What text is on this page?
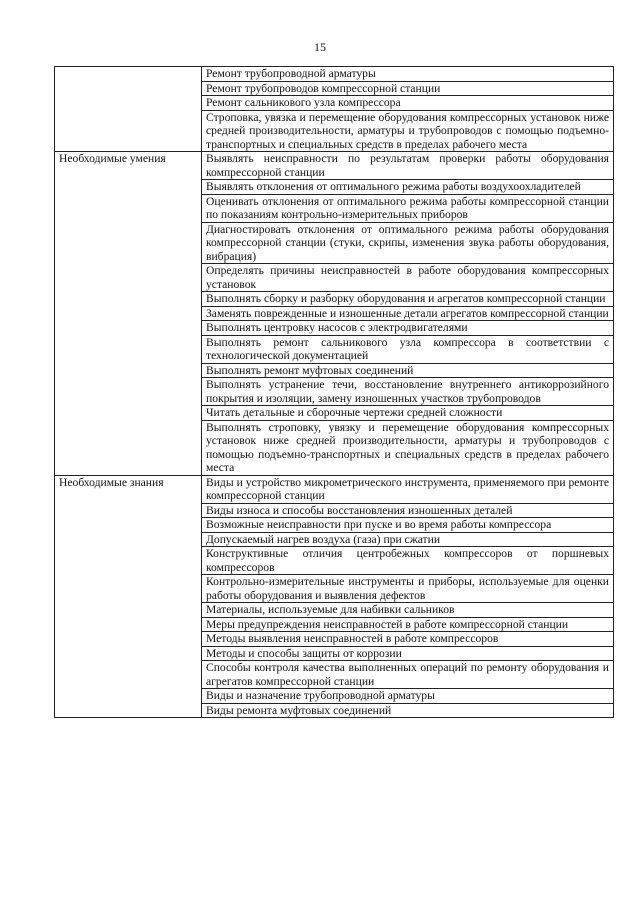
15
	Ремонт трубопроводной арматуры
	Ремонт трубопроводов компрессорной станции
	Ремонт сальникового узла компрессора
	Строповка, увязка и перемещение оборудования компрессорных установок ниже средней производительности, арматуры и трубопроводов с помощью подъемно-транспортных и специальных средств в пределах рабочего места
Необходимые умения	Выявлять неисправности по результатам проверки работы оборудования компрессорной станции
	Выявлять отклонения от оптимального режима работы воздухоохладителей
	Оценивать отклонения от оптимального режима работы компрессорной станции по показаниям контрольно-измерительных приборов
	Диагностировать отклонения от оптимального режима работы оборудования компрессорной станции (стуки, скрипы, изменения звука работы оборудования, вибрация)
	Определять причины неисправностей в работе оборудования компрессорных установок
	Выполнять сборку и разборку оборудования и агрегатов компрессорной станции
	Заменять поврежденные и изношенные детали агрегатов компрессорной станции
	Выполнять центровку насосов с электродвигателями
	Выполнять ремонт сальникового узла компрессора в соответствии с технологической документацией
	Выполнять ремонт муфтовых соединений
	Выполнять устранение течи, восстановление внутреннего антикоррозийного покрытия и изоляции, замену изношенных участков трубопроводов
	Читать детальные и сборочные чертежи средней сложности
	Выполнять строповку, увязку и перемещение оборудования компрессорных установок ниже средней производительности, арматуры и трубопроводов с помощью подъемно-транспортных и специальных средств в пределах рабочего места
Необходимые знания	Виды и устройство микрометрического инструмента, применяемого при ремонте компрессорной станции
	Виды износа и способы восстановления изношенных деталей
	Возможные неисправности при пуске и во время работы компрессора
	Допускаемый нагрев воздуха (газа) при сжатии
	Конструктивные отличия центробежных компрессоров от поршневых компрессоров
	Контрольно-измерительные инструменты и приборы, используемые для оценки работы оборудования и выявления дефектов
	Материалы, используемые для набивки сальников
	Меры предупреждения неисправностей в работе компрессорной станции
	Методы выявления неисправностей в работе компрессоров
	Методы и способы защиты от коррозии
	Способы контроля качества выполненных операций по ремонту оборудования и агрегатов компрессорной станции
	Виды и назначение трубопроводной арматуры
	Виды ремонта муфтовых соединений
